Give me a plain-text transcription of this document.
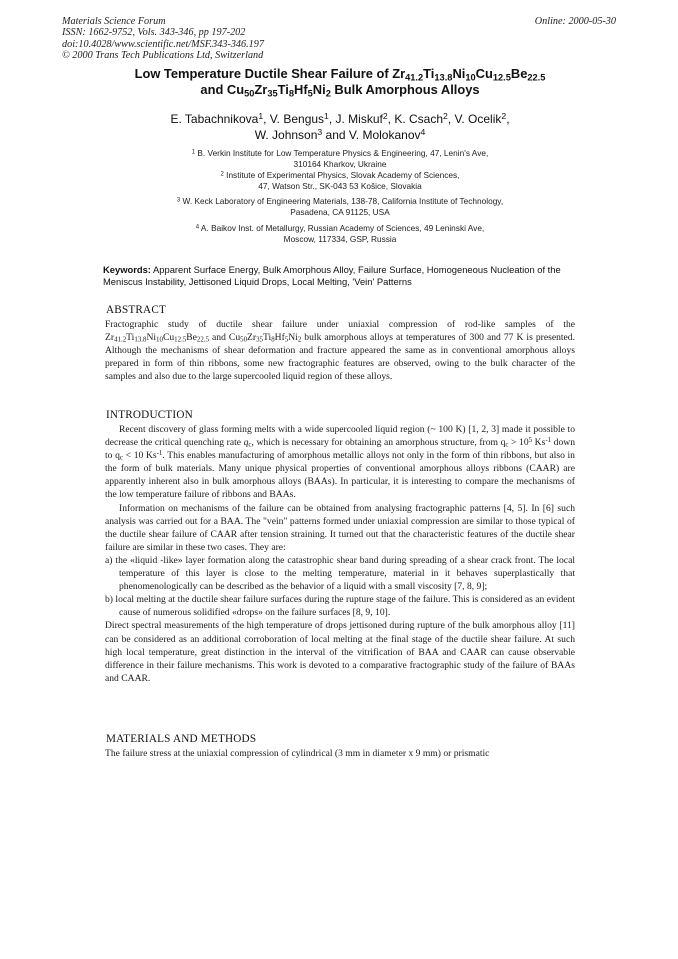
Materials Science Forum
ISSN: 1662-9752, Vols. 343-346, pp 197-202
doi:10.4028/www.scientific.net/MSF.343-346.197
© 2000 Trans Tech Publications Ltd, Switzerland
Online: 2000-05-30
Low Temperature Ductile Shear Failure of $Zr_{41.2}Ti_{13.8}Ni_{10}Cu_{12.5}Be_{22.5}$
and $Cu_{50}Zr_{35}Ti_8Hf_5Ni_2$ Bulk Amorphous Alloys
E. Tabachnikova$^1$, V. Bengus$^1$, J. Miskuf$^2$, K. Csach$^2$, V. Ocelik$^2$,
W. Johnson$^3$ and V. Molokanov$^4$
$^1$ B. Verkin Institute for Low Temperature Physics & Engineering, 47, Lenin's Ave,
310164 Kharkov, Ukraine
$^2$ Institute of Experimental Physics, Slovak Academy of Sciences,
47, Watson Str., SK-043 53 Košice, Slovakia
$^3$ W. Keck Laboratory of Engineering Materials, 138-78, California Institute of Technology,
Pasadena, CA 91125, USA
$^4$ A. Baikov Inst. of Metallurgy, Russian Academy of Sciences, 49 Leninski Ave,
Moscow, 117334, GSP, Russia
Keywords: Apparent Surface Energy, Bulk Amorphous Alloy, Failure Surface, Homogeneous Nucleation of the Meniscus Instability, Jettisoned Liquid Drops, Local Melting, 'Vein' Patterns
ABSTRACT

Fractographic study of ductile shear failure under uniaxial compression of rod-like samples of the $Zr_{41.2}Ti_{13.8}Ni_{10}Cu_{12.5}Be_{22.5}$ and $Cu_{50}Zr_{35}Ti_8Hf_5Ni_2$ bulk amorphous alloys at temperatures of 300 and 77 K is presented. Although the mechanisms of shear deformation and fracture appeared the same as in conventional amorphous alloys prepared in form of thin ribbons, some new fractographic features are observed, owing to the bulk character of the samples and also due to the large supercooled liquid region of these alloys.

INTRODUCTION

Recent discovery of glass forming melts with a wide supercooled liquid region (~ 100 K) [1, 2, 3] made it possible to decrease the critical quenching rate $q_c$, which is necessary for obtaining an amorphous structure, from $q_c > 10^5$ $Ks^{-1}$ down to $q_c < 10$ $Ks^{-1}$. This enables manufacturing of amorphous metallic alloys not only in the form of thin ribbons, but also in the form of bulk materials. Many unique physical properties of conventional amorphous alloys ribbons (CAAR) are apparently inherent also in bulk amorphous alloys (BAAs). In particular, it is interesting to compare the mechanisms of the low temperature failure of ribbons and BAAs.

Information on mechanisms of the failure can be obtained from analysing fractographic patterns [4, 5]. In [6] such analysis was carried out for a BAA. The "vein" patterns formed under uniaxial compression are similar to those typical of the ductile shear failure of CAAR after tension straining. It turned out that the characteristic features of the ductile shear failure are similar in these two cases. They are:

a) the «liquid -like» layer formation along the catastrophic shear band during spreading of a shear crack front. The local temperature of this layer is close to the melting temperature, material in it behaves superplastically that phenomenologically can be described as the behavior of a liquid with a small viscosity [7, 8, 9];

b) local melting at the ductile shear failure surfaces during the rupture stage of the failure. This is considered as an evident cause of numerous solidified «drops» on the failure surfaces [8, 9, 10].

Direct spectral measurements of the high temperature of drops jettisoned during rupture of the bulk amorphous alloy [11] can be considered as an additional corroboration of local melting at the final stage of the ductile shear failure. At such high local temperature, great distinction in the interval of the vitrification of BAA and CAAR can cause observable difference in their failure mechanisms. This work is devoted to a comparative fractographic study of the failure of BAAs and CAAR.

MATERIALS AND METHODS

The failure stress at the uniaxial compression of cylindrical (3 mm in diameter x 9 mm) or prismatic
